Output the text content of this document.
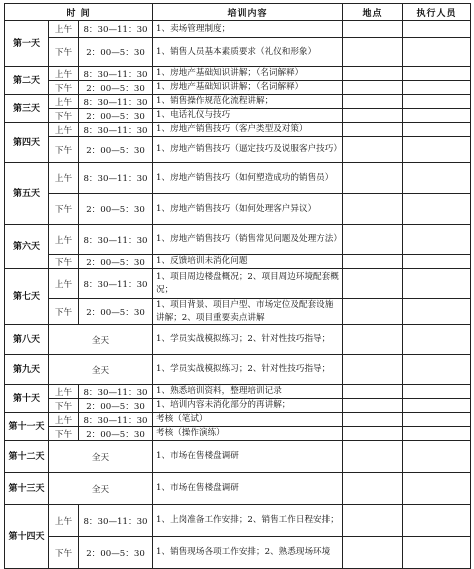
时 间			培训内容	地点	执行人员
第一天	上午	8：30—11：30	1、卖场管理制度；		
	下午	2：00—5：30	1、销售人员基本素质要求（礼仪和形象）		
第二天	上午	8：30—11：30	1、房地产基础知识讲解；（名词解释）		
	下午	2：00—5：30	1、房地产基础知识讲解；（名词解释）		
第三天	上午	8：30—11：30	1、销售操作规范化流程讲解；		
	下午	2：00—5：30	1、电话礼仪与技巧		
第四天	上午	8：30—11：30	1、房地产销售技巧（客户类型及对策）		
	下午	2：00—5：30	1、房地产销售技巧（逼定技巧及说服客户技巧）		
第五天	上午	8：30—11：30	1、房地产销售技巧（如何塑造成功的销售员）		
	下午	2：00—5：30	1、房地产销售技巧（如何处理客户异议）		
第六天	上午	8：30—11：30	1、房地产销售技巧（销售常见问题及处理方法）		
	下午	2：00—5：30	1、反馈培训未消化问题		
第七天	上午	8：30—11：30	1、项目周边楼盘概况；2、项目周边环境配套概况；		
	下午	2：00—5：30	1、项目背景、项目户型、市场定位及配套设施讲解；2、项目重要卖点讲解		
第八天	全天		1、学员实战模拟练习；2、针对性技巧指导；		
第九天	全天		1、学员实战模拟练习；2、针对性技巧指导；		
第十天	上午	8：30—11：30	1、熟悉培训资料，整理培训记录		
	下午	2：00—5：30	1、培训内容未消化部分的再讲解；		
第十一天	上午	8：30—11：30	考核（笔试）		
	下午	2：00—5：30	考核（操作演练）		
第十二天	全天		1、市场在售楼盘调研		
第十三天	全天		1、市场在售楼盘调研		
第十四天	上午	8：30—11：30	1、上岗准备工作安排；2、销售工作日程安排；		
	下午	2：00—5：30	1、销售现场各项工作安排；2、熟悉现场环境		
